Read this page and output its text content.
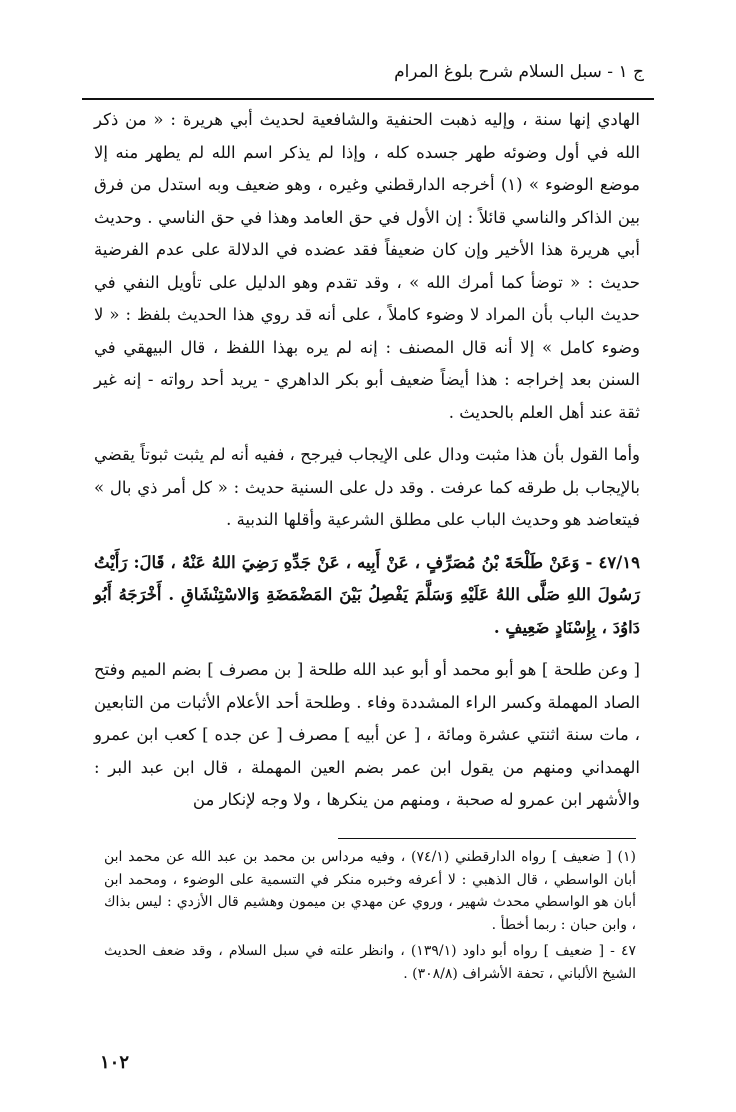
ج ١ - سبل السلام شرح بلوغ المرام

الهادي إنها سنة ، وإليه ذهبت الحنفية والشافعية لحديث أبي هريرة : « من ذكر الله في أول وضوئه طهر جسده كله ، وإذا لم يذكر اسم الله لم يطهر منه إلا موضع الوضوء » (١) أخرجه الدارقطني وغيره ، وهو ضعيف وبه استدل من فرق بين الذاكر والناسي قائلاً : إن الأول في حق العامد وهذا في حق الناسي . وحديث أبي هريرة هذا الأخير وإن كان ضعيفاً فقد عضده في الدلالة على عدم الفرضية حديث : « توضأ كما أمرك الله » ، وقد تقدم وهو الدليل على تأويل النفي في حديث الباب بأن المراد لا وضوء كاملاً ، على أنه قد روي هذا الحديث بلفظ : « لا وضوء كامل » إلا أنه قال المصنف : إنه لم يره بهذا اللفظ ، قال البيهقي في السنن بعد إخراجه : هذا أيضاً ضعيف أبو بكر الداهري - يريد أحد رواته - إنه غير ثقة عند أهل العلم بالحديث .

وأما القول بأن هذا مثبت ودال على الإيجاب فيرجح ، ففيه أنه لم يثبت ثبوتاً يقضي بالإيجاب بل طرقه كما عرفت . وقد دل على السنية حديث : « كل أمر ذي بال » فيتعاضد هو وحديث الباب على مطلق الشرعية وأقلها الندبية .

٤٧/١٩ - وَعَنْ طَلْحَةَ بْنُ مُصَرِّفٍ ، عَنْ أَبِيه ، عَنْ جَدِّهِ رَضِيَ اللهُ عَنْهُ ، قَالَ: رَأَيْتُ رَسُولَ اللهِ صَلَّى اللهُ عَلَيْهِ وَسَلَّمَ يَفْصِلُ بَيْنَ المَضْمَضَةِ وَالاسْتِنْشَاقِ . أَخْرَجَهُ أَبُو دَاوُدَ ، بِإِسْنَادٍ ضَعِيفٍ .

[ وعن طلحة ] هو أبو محمد أو أبو عبد الله طلحة [ بن مصرف ] بضم الميم وفتح الصاد المهملة وكسر الراء المشددة وفاء . وطلحة أحد الأعلام الأثبات من التابعين ، مات سنة اثنتي عشرة ومائة ، [ عن أبيه ] مصرف [ عن جده ] كعب ابن عمرو الهمداني ومنهم من يقول ابن عمر بضم العين المهملة ، قال ابن عبد البر : والأشهر ابن عمرو له صحبة ، ومنهم من ينكرها ، ولا وجه لإنكار من

(١) [ ضعيف ] رواه الدارقطني (٧٤/١) ، وفيه مرداس بن محمد بن عبد الله عن محمد ابن أبان الواسطي ، قال الذهبي : لا أعرفه وخبره منكر في التسمية على الوضوء ، ومحمد ابن أبان هو الواسطي محدث شهير ، وروي عن مهدي بن ميمون وهشيم قال الأزدي : ليس بذاك ، وابن حبان : ربما أخطأ .

٤٧ - [ ضعيف ] رواه أبو داود (١٣٩/١) ، وانظر علته في سبل السلام ، وقد ضعف الحديث الشيخ الألباني ، تحفة الأشراف (٣٠٨/٨) .

١٠٢
